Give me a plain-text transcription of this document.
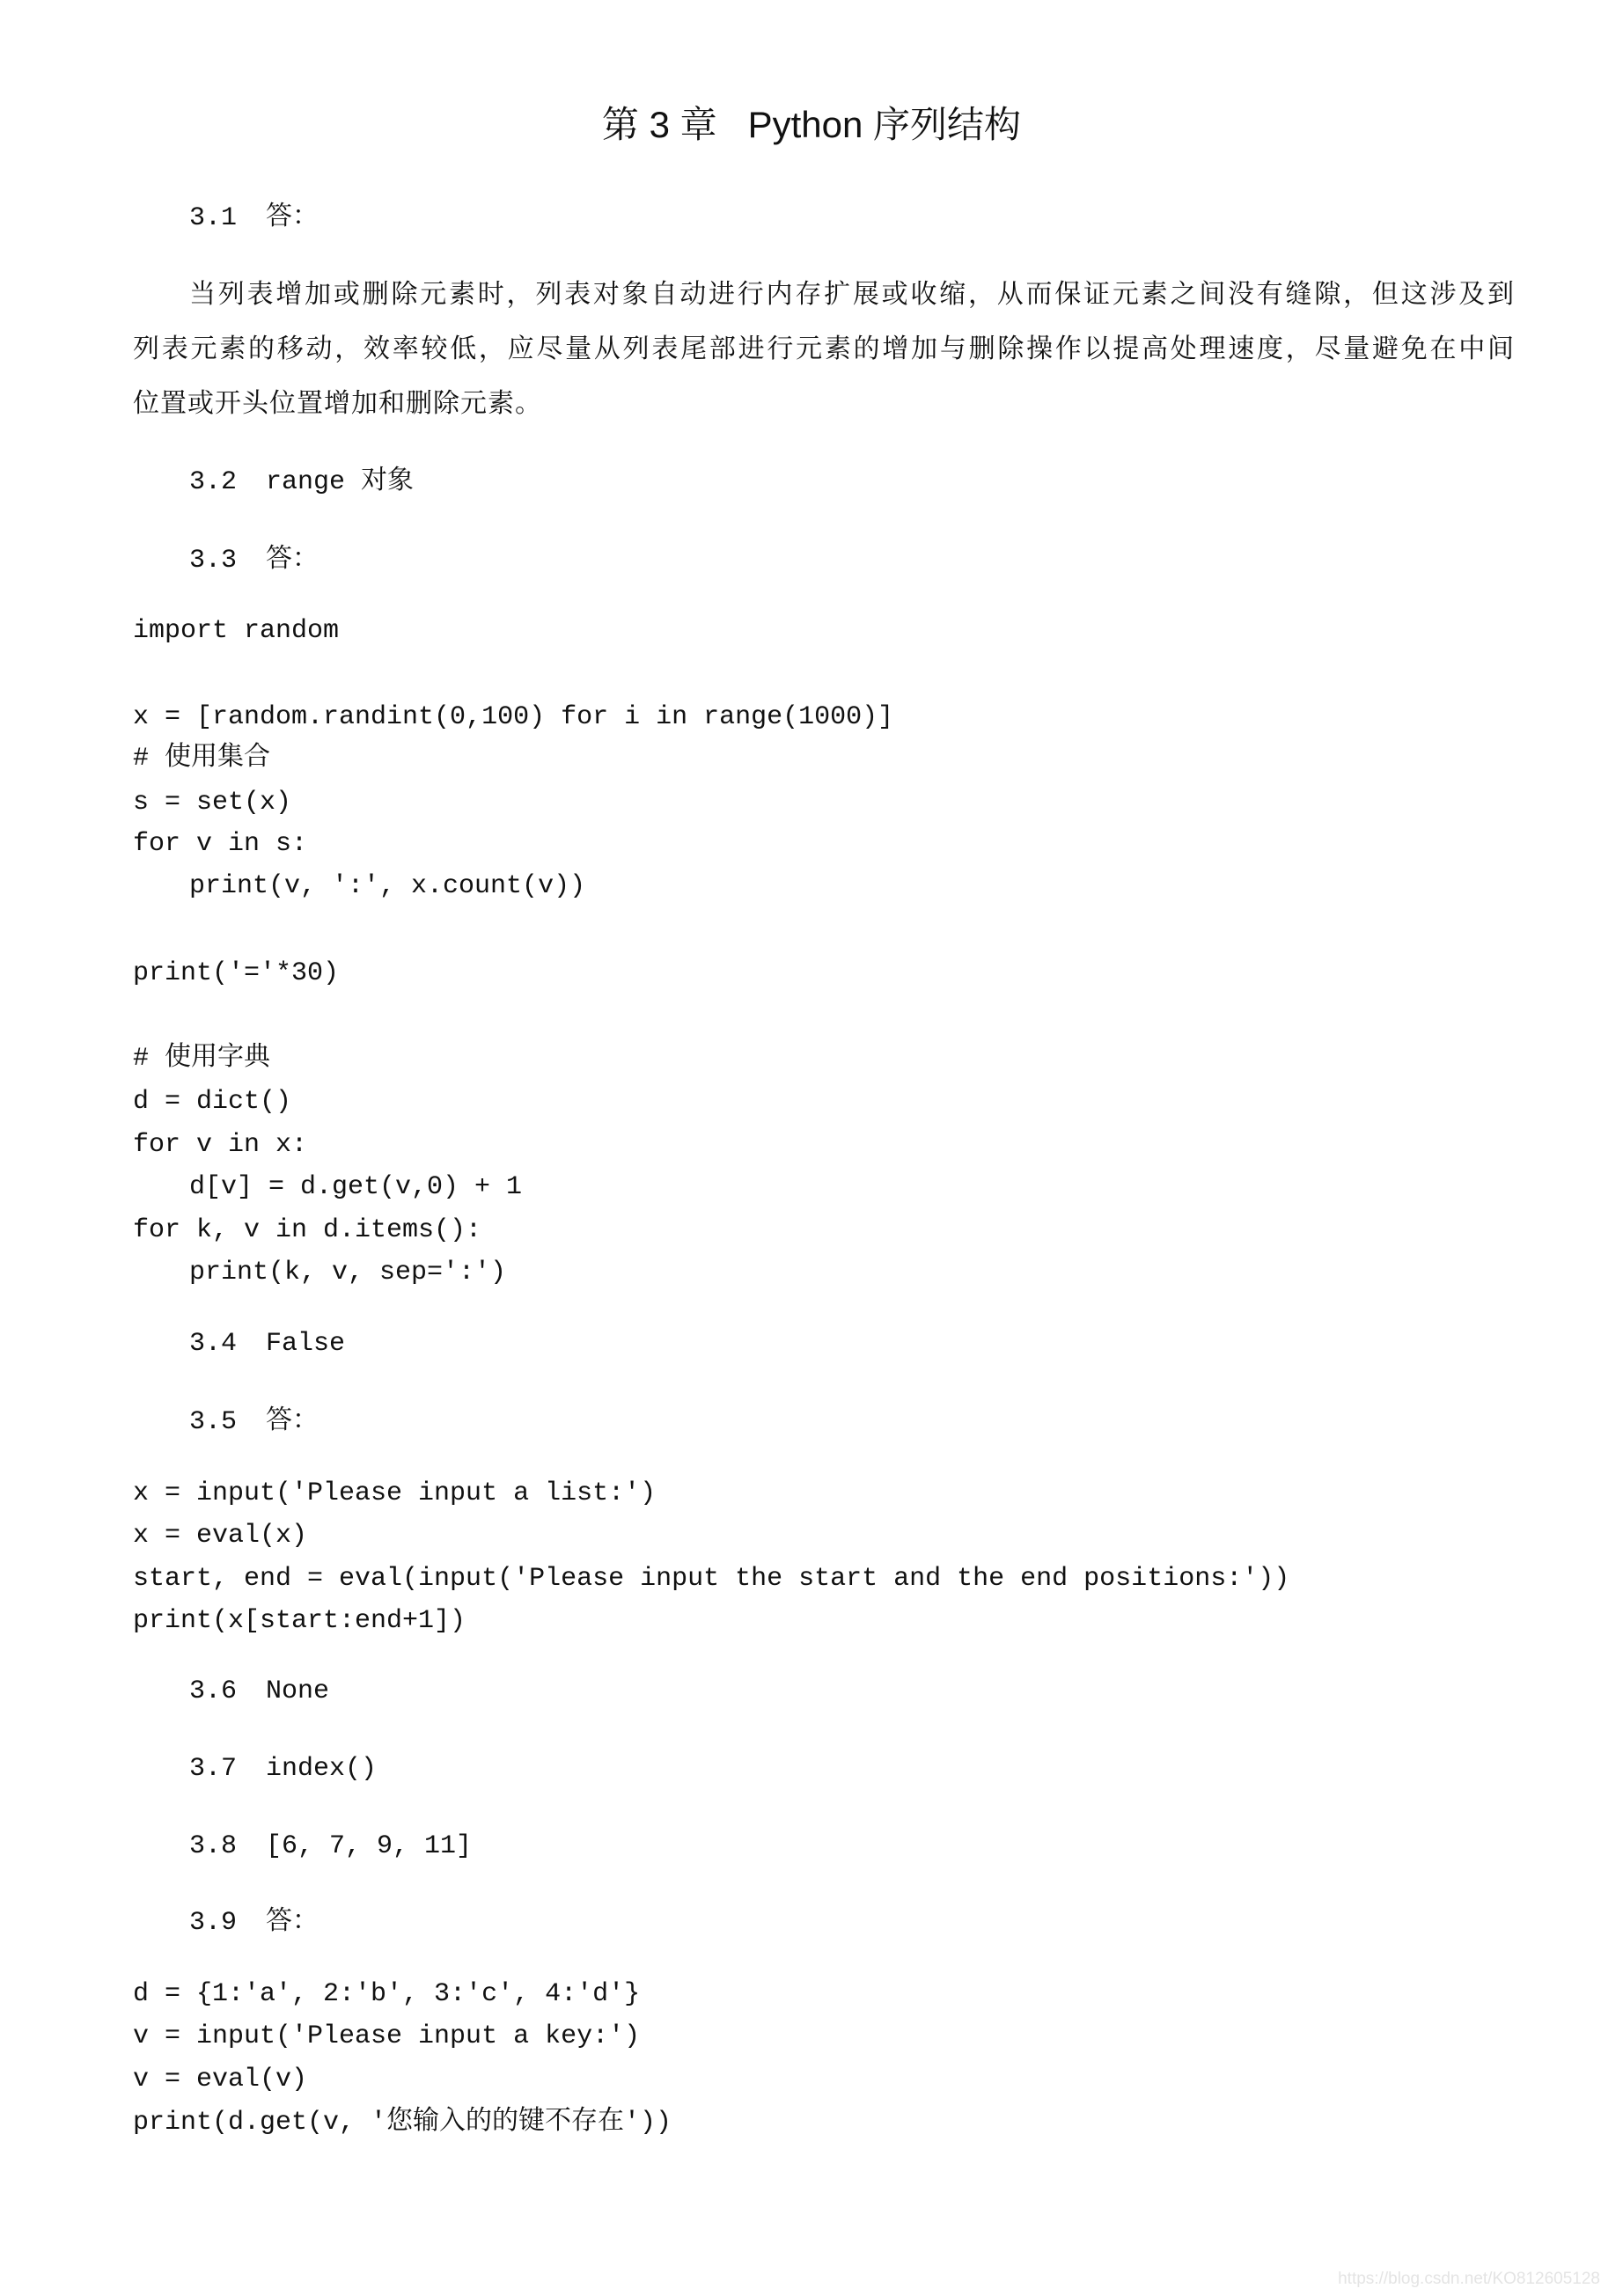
第 3 章   Python 序列结构
3.1 答：
当列表增加或删除元素时，列表对象自动进行内存扩展或收缩，从而保证元素之间没有缝隙，但这涉及到
列表元素的移动，效率较低，应尽量从列表尾部进行元素的增加与删除操作以提高处理速度，尽量避免在中间
位置或开头位置增加和删除元素。
3.2 range 对象
3.3 答：
import random
x = [random.randint(0,100) for i in range(1000)]
# 使用集合
s = set(x)
for v in s:
print(v, ':', x.count(v))
print('='*30)
# 使用字典
d = dict()
for v in x:
d[v] = d.get(v,0) + 1
for k, v in d.items():
print(k, v, sep=':')
3.4 False
3.5 答：
x = input('Please input a list:')
x = eval(x)
start, end = eval(input('Please input the start and the end positions:'))
print(x[start:end+1])
3.6 None
3.7 index()
3.8 [6, 7, 9, 11]
3.9 答：
d = {1:'a', 2:'b', 3:'c', 4:'d'}
v = input('Please input a key:')
v = eval(v)
print(d.get(v, '您输入的的键不存在'))
https://blog.csdn.net/KO812605128
